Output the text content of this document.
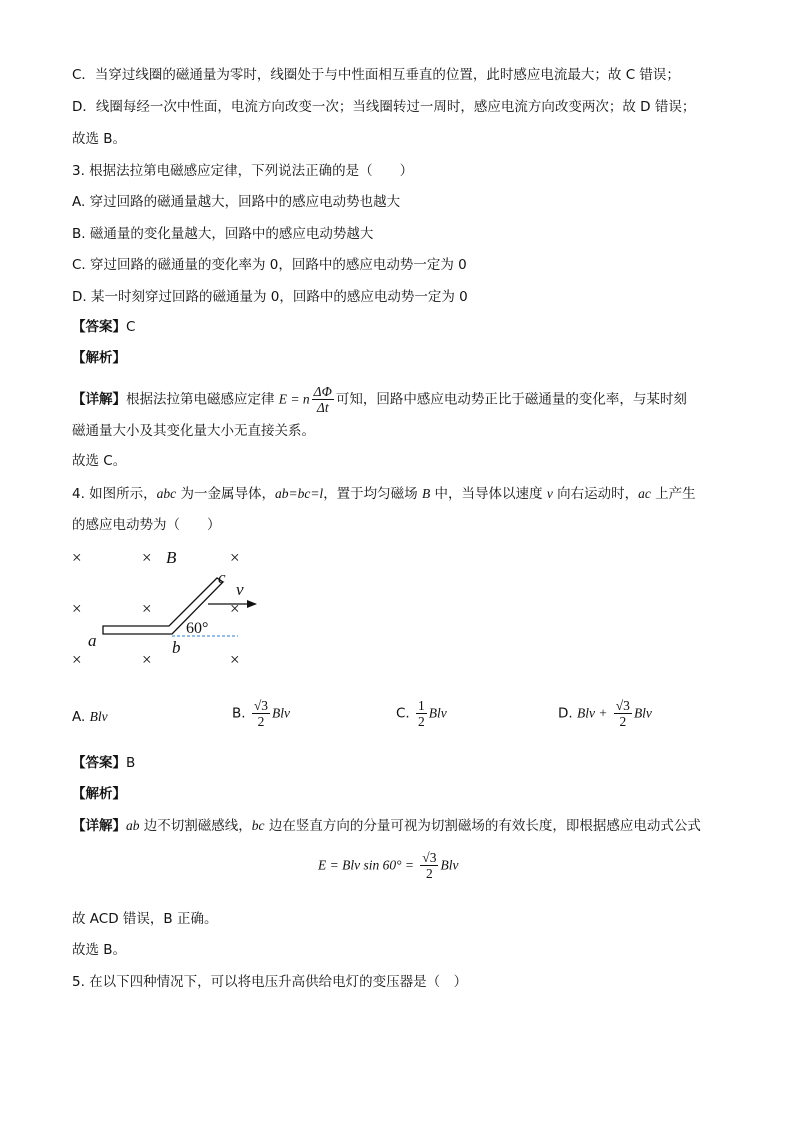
C．当穿过线圈的磁通量为零时，线圈处于与中性面相互垂直的位置，此时感应电流最大；故 C 错误；
D．线圈每经一次中性面，电流方向改变一次；当线圈转过一周时，感应电流方向改变两次；故 D 错误；
故选 B。
3. 根据法拉第电磁感应定律，下列说法正确的是（　　）
A. 穿过回路的磁通量越大，回路中的感应电动势也越大
B. 磁通量的变化量越大，回路中的感应电动势越大
C. 穿过回路的磁通量的变化率为 0，回路中的感应电动势一定为 0
D. 某一时刻穿过回路的磁通量为 0，回路中的感应电动势一定为 0
【答案】C
【解析】
【详解】根据法拉第电磁感应定律 E = n $\frac{\Delta\Phi}{\Delta t}$ 可知，回路中感应电动势正比于磁通量的变化率，与某时刻
磁通量大小及其变化量大小无直接关系。
故选 C。
4. 如图所示，abc 为一金属导体，ab=bc=l，置于均匀磁场 B 中，当导体以速度 v 向右运动时，ac 上产生
的感应电动势为（　　）
×	×	×
×	×	×
×	×	×
B
a	b
c
v
60°
A. Blv	B. $\frac{√3}{2}$ Blv	C. $\frac{1}{2}$ Blv	D. Blv + $\frac{√3}{2}$ Blv
【答案】B
【解析】
【详解】ab 边不切割磁感线，bc 边在竖直方向的分量可视为切割磁场的有效长度，即根据感应电动式公式
E = Blv $\sin 60^\circ = \frac{√3}{2}$ Blv
故 ACD 错误，B 正确。
故选 B。
5. 在以下四种情况下，可以将电压升高供给电灯的变压器是（　）
